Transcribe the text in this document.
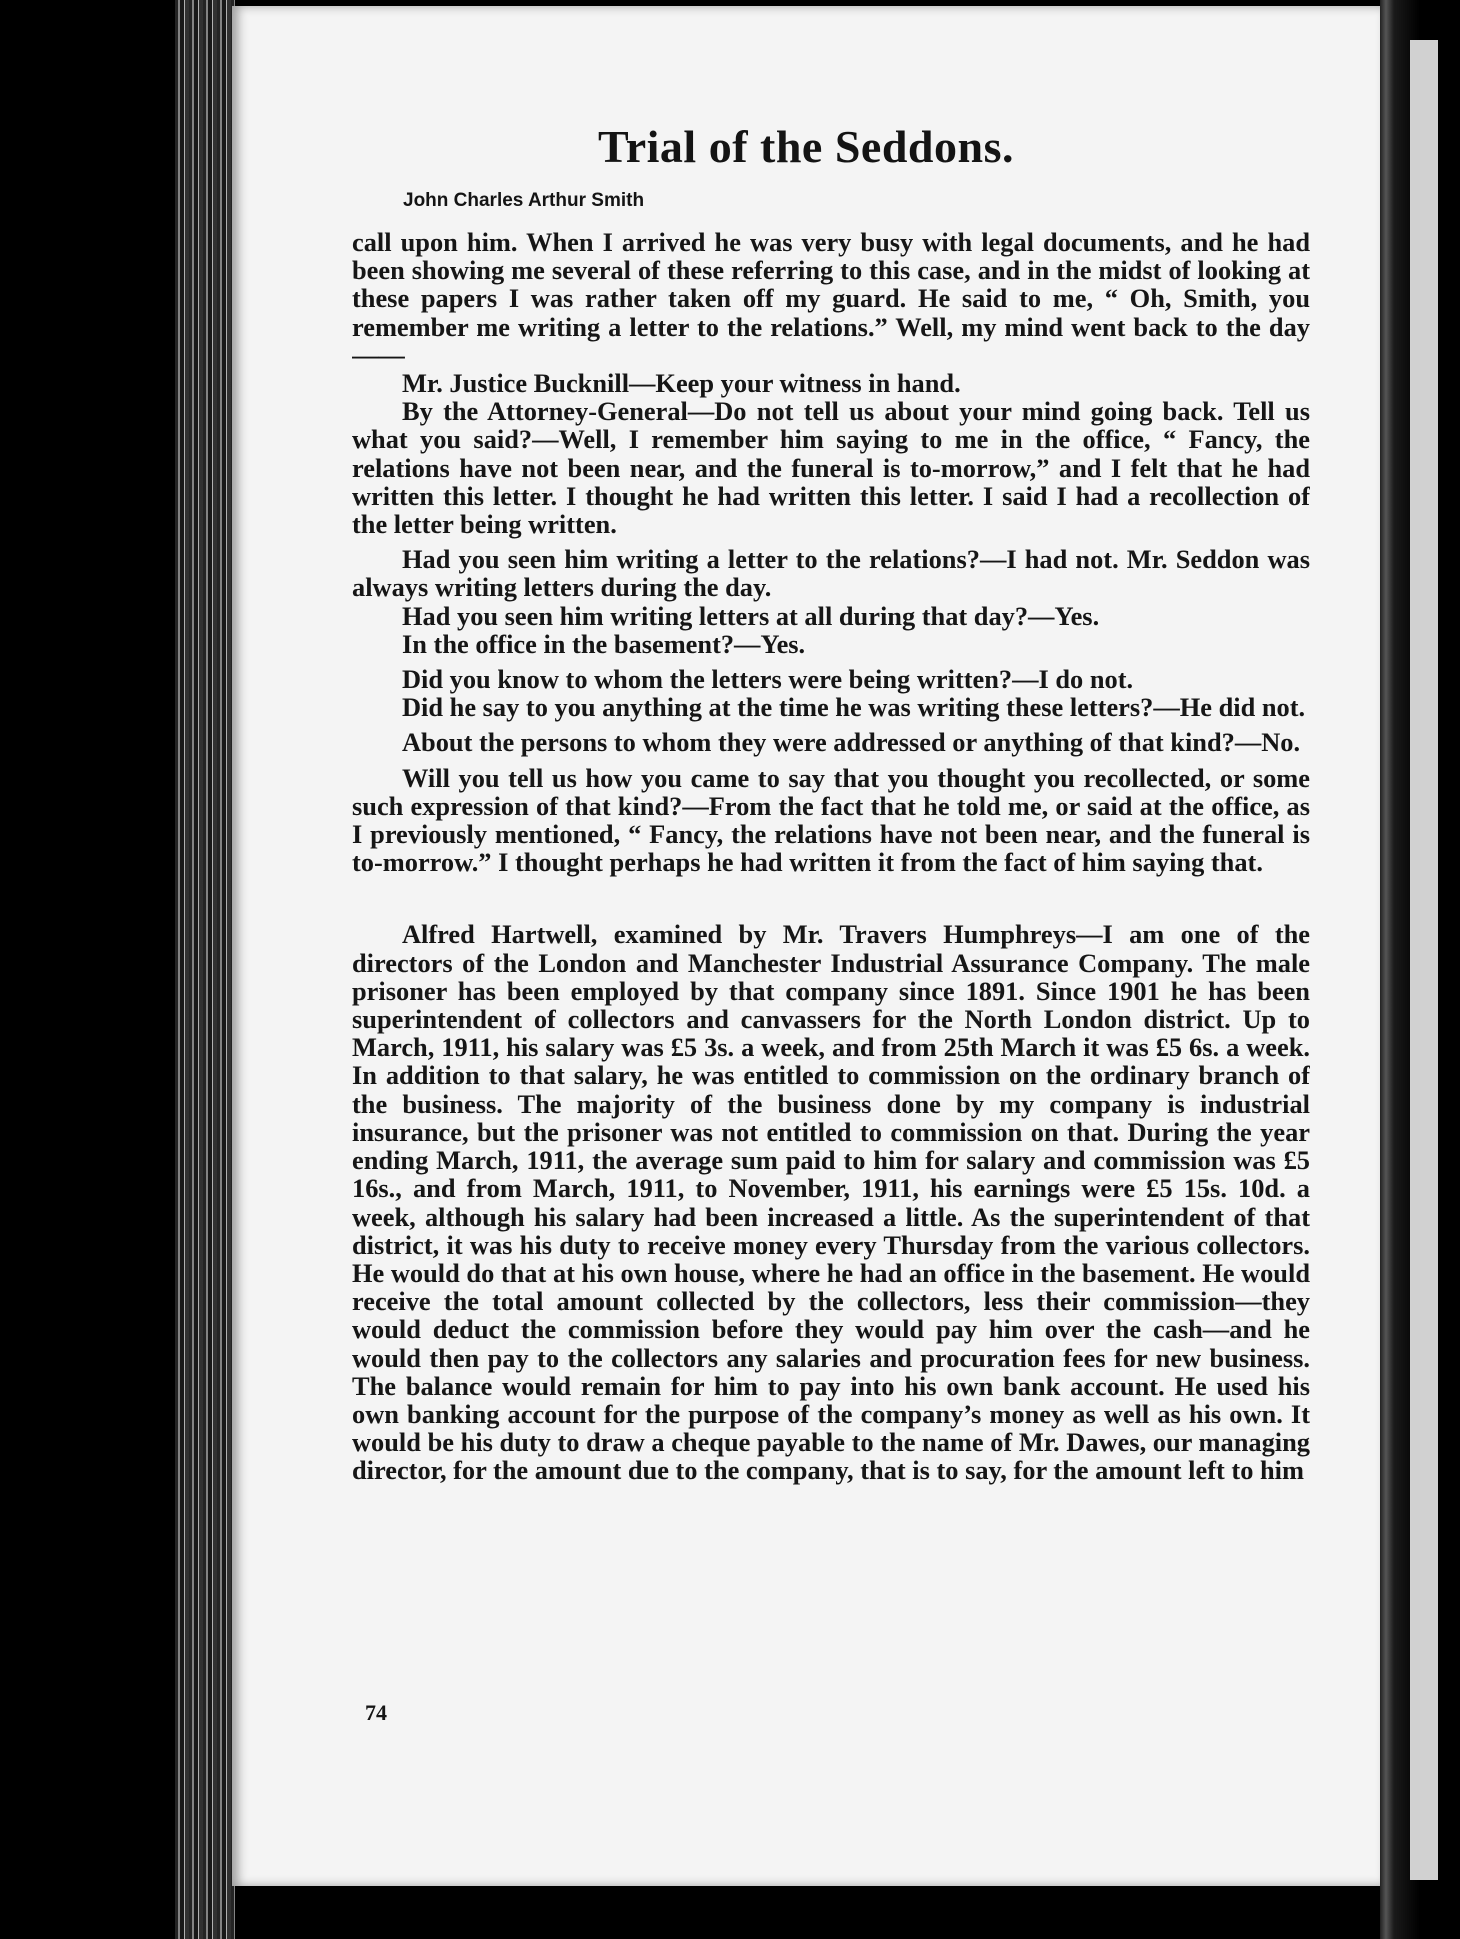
Trial of the Seddons.
John Charles Arthur Smith

call upon him. When I arrived he was very busy with legal documents, and he had been showing me several of these referring to this case, and in the midst of looking at these papers I was rather taken off my guard. He said to me, “ Oh, Smith, you remember me writing a letter to the relations.” Well, my mind went back to the day——

Mr. Justice Bucknill—Keep your witness in hand.

By the Attorney-General—Do not tell us about your mind going back. Tell us what you said?—Well, I remember him saying to me in the office, “ Fancy, the relations have not been near, and the funeral is to-morrow,” and I felt that he had written this letter. I thought he had written this letter. I said I had a recollection of the letter being written.

Had you seen him writing a letter to the relations?—I had not. Mr. Seddon was always writing letters during the day.

Had you seen him writing letters at all during that day?—Yes.

In the office in the basement?—Yes.

Did you know to whom the letters were being written?—I do not.

Did he say to you anything at the time he was writing these letters?—He did not.

About the persons to whom they were addressed or anything of that kind?—No.

Will you tell us how you came to say that you thought you recollected, or some such expression of that kind?—From the fact that he told me, or said at the office, as I previously mentioned, “ Fancy, the relations have not been near, and the funeral is to-morrow.” I thought perhaps he had written it from the fact of him saying that.

Alfred Hartwell, examined by Mr. Travers Humphreys—I am one of the directors of the London and Manchester Industrial Assurance Company. The male prisoner has been employed by that company since 1891. Since 1901 he has been superintendent of collectors and canvassers for the North London district. Up to March, 1911, his salary was £5 3s. a week, and from 25th March it was £5 6s. a week. In addition to that salary, he was entitled to commission on the ordinary branch of the business. The majority of the business done by my company is industrial insurance, but the prisoner was not entitled to commission on that. During the year ending March, 1911, the average sum paid to him for salary and commission was £5 16s., and from March, 1911, to November, 1911, his earnings were £5 15s. 10d. a week, although his salary had been increased a little. As the superintendent of that district, it was his duty to receive money every Thursday from the various collectors. He would do that at his own house, where he had an office in the basement. He would receive the total amount collected by the collectors, less their commission—they would deduct the commission before they would pay him over the cash—and he would then pay to the collectors any salaries and procuration fees for new business. The balance would remain for him to pay into his own bank account. He used his own banking account for the purpose of the company’s money as well as his own. It would be his duty to draw a cheque payable to the name of Mr. Dawes, our managing director, for the amount due to the company, that is to say, for the amount left to him

74
